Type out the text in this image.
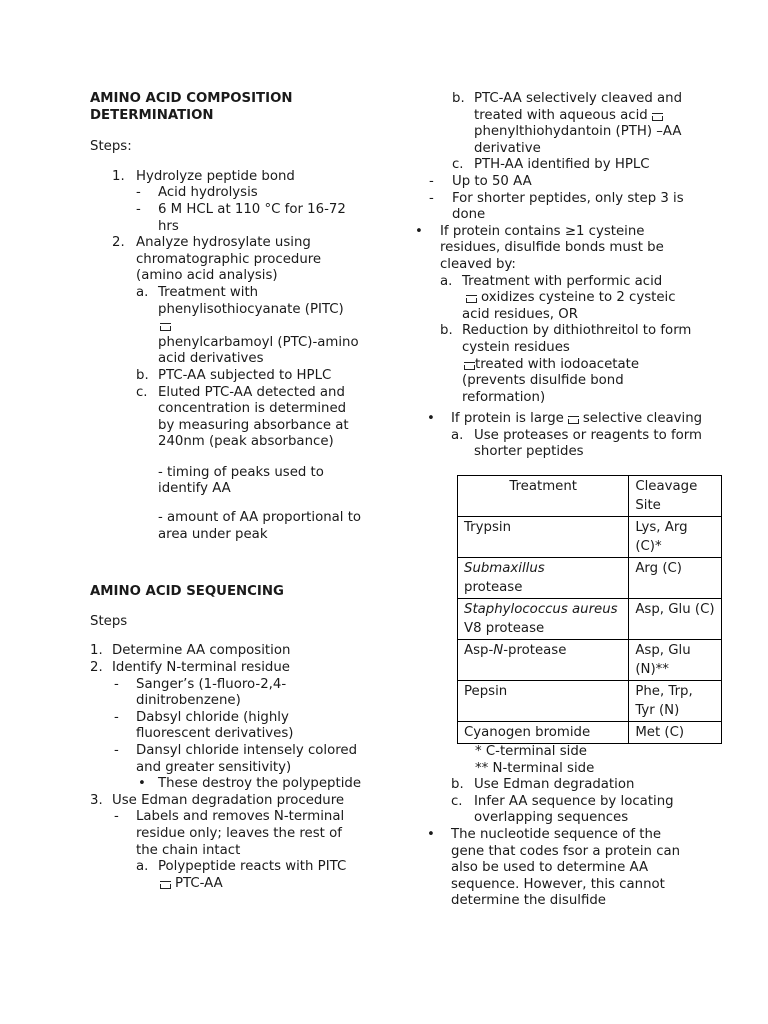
AMINO ACID COMPOSITION
DETERMINATION

Steps:

1. Hydrolyze peptide bond
-	Acid hydrolysis
-	6 M HCL at 110 °C for 16-72 hrs
2. Analyze hydrosylate using chromatographic procedure (amino acid analysis)
a. Treatment with phenylisothiocyanate (PITC)

phenylcarbamoyl (PTC)-amino acid derivatives
b. PTC-AA subjected to HPLC
c. Eluted PTC-AA detected and concentration is determined by measuring absorbance at 240nm (peak absorbance)

- timing of peaks used to identify AA

- amount of AA proportional to area under peak

AMINO ACID SEQUENCING

Steps

1. Determine AA composition
2. Identify N-terminal residue
-	Sanger’s (1-fluoro-2,4-dinitrobenzene)
-	Dabsyl chloride (highly fluorescent derivatives)
-	Dansyl chloride intensely colored and greater sensitivity)
• These destroy the polypeptide
3. Use Edman degradation procedure
-	Labels and removes N-terminal residue only; leaves the rest of the chain intact
a. Polypeptide reacts with PITC
PTC-AA
b. PTC-AA selectively cleaved and treated with aqueous acidphenylthiohydantoin (PTH) –AA derivative
c. PTH-AA identified by HPLC
-	Up to 50 AA
-	For shorter peptides, only step 3 is done
•	If protein contains ≥1 cysteine residues, disulfide bonds must be cleaved by:
a. Treatment with performic acid
oxidizes cysteine to 2 cysteic acid residues, OR
b. Reduction by dithiothreitol to form cystein residues
treated with iodoacetate (prevents disulfide bond reformation)
•	If protein is large selective cleaving
a. Use proteases or reagents to form shorter peptides
Treatment	Cleavage Site
Trypsin	Lys, Arg (C)*
Submaxillus
protease	Arg (C)
Staphylococcus aureus V8 protease	Asp, Glu (C)
Asp-N-protease	Asp, Glu (N)**
Pepsin	Phe, Trp, Tyr (N)
Cyanogen bromide	Met (C)

* C-terminal side

** N-terminal side

b. Use Edman degradation
c. Infer AA sequence by locating overlapping sequences
•	The nucleotide sequence of the gene that codes fsor a protein can also be used to determine AA sequence. However, this cannot determine the disulfide
